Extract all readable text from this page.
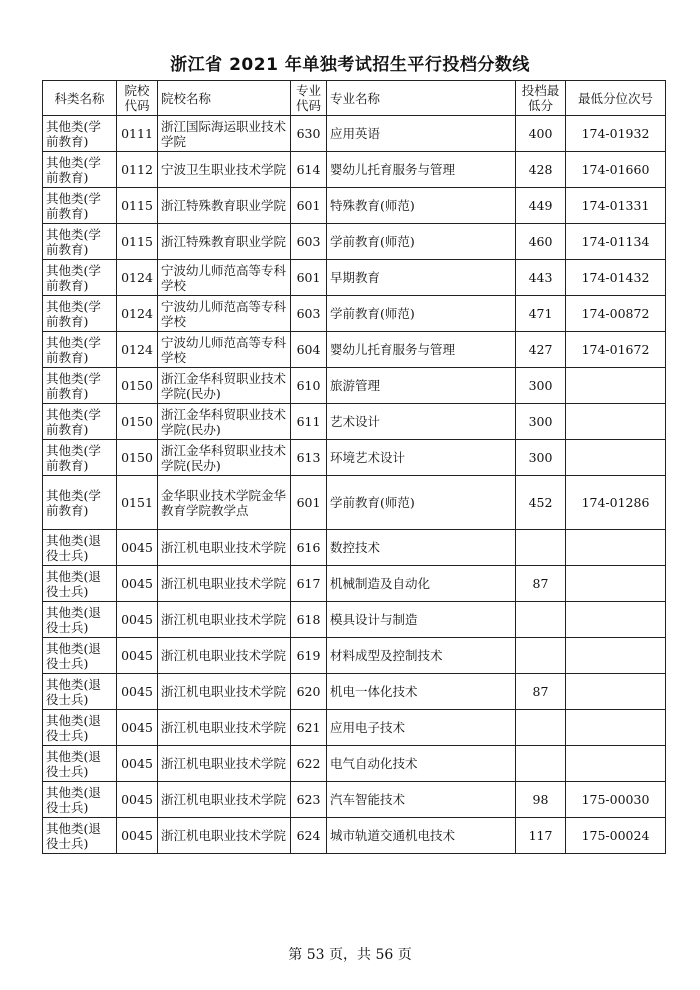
浙江省 2021 年单独考试招生平行投档分数线
科类名称	院校代码	院校名称	专业代码	专业名称	投档最低分	最低分位次号
其他类(学前教育)	0111	浙江国际海运职业技术学院	630	应用英语	400	174-01932
其他类(学前教育)	0112	宁波卫生职业技术学院	614	婴幼儿托育服务与管理	428	174-01660
其他类(学前教育)	0115	浙江特殊教育职业学院	601	特殊教育(师范)	449	174-01331
其他类(学前教育)	0115	浙江特殊教育职业学院	603	学前教育(师范)	460	174-01134
其他类(学前教育)	0124	宁波幼儿师范高等专科学校	601	早期教育	443	174-01432
其他类(学前教育)	0124	宁波幼儿师范高等专科学校	603	学前教育(师范)	471	174-00872
其他类(学前教育)	0124	宁波幼儿师范高等专科学校	604	婴幼儿托育服务与管理	427	174-01672
其他类(学前教育)	0150	浙江金华科贸职业技术学院(民办)	610	旅游管理	300	
其他类(学前教育)	0150	浙江金华科贸职业技术学院(民办)	611	艺术设计	300	
其他类(学前教育)	0150	浙江金华科贸职业技术学院(民办)	613	环境艺术设计	300	
其他类(学前教育)	0151	金华职业技术学院金华教育学院教学点	601	学前教育(师范)	452	174-01286
其他类(退役士兵)	0045	浙江机电职业技术学院	616	数控技术		
其他类(退役士兵)	0045	浙江机电职业技术学院	617	机械制造及自动化	87	
其他类(退役士兵)	0045	浙江机电职业技术学院	618	模具设计与制造		
其他类(退役士兵)	0045	浙江机电职业技术学院	619	材料成型及控制技术		
其他类(退役士兵)	0045	浙江机电职业技术学院	620	机电一体化技术	87	
其他类(退役士兵)	0045	浙江机电职业技术学院	621	应用电子技术		
其他类(退役士兵)	0045	浙江机电职业技术学院	622	电气自动化技术		
其他类(退役士兵)	0045	浙江机电职业技术学院	623	汽车智能技术	98	175-00030
其他类(退役士兵)	0045	浙江机电职业技术学院	624	城市轨道交通机电技术	117	175-00024
第 53 页，共 56 页
